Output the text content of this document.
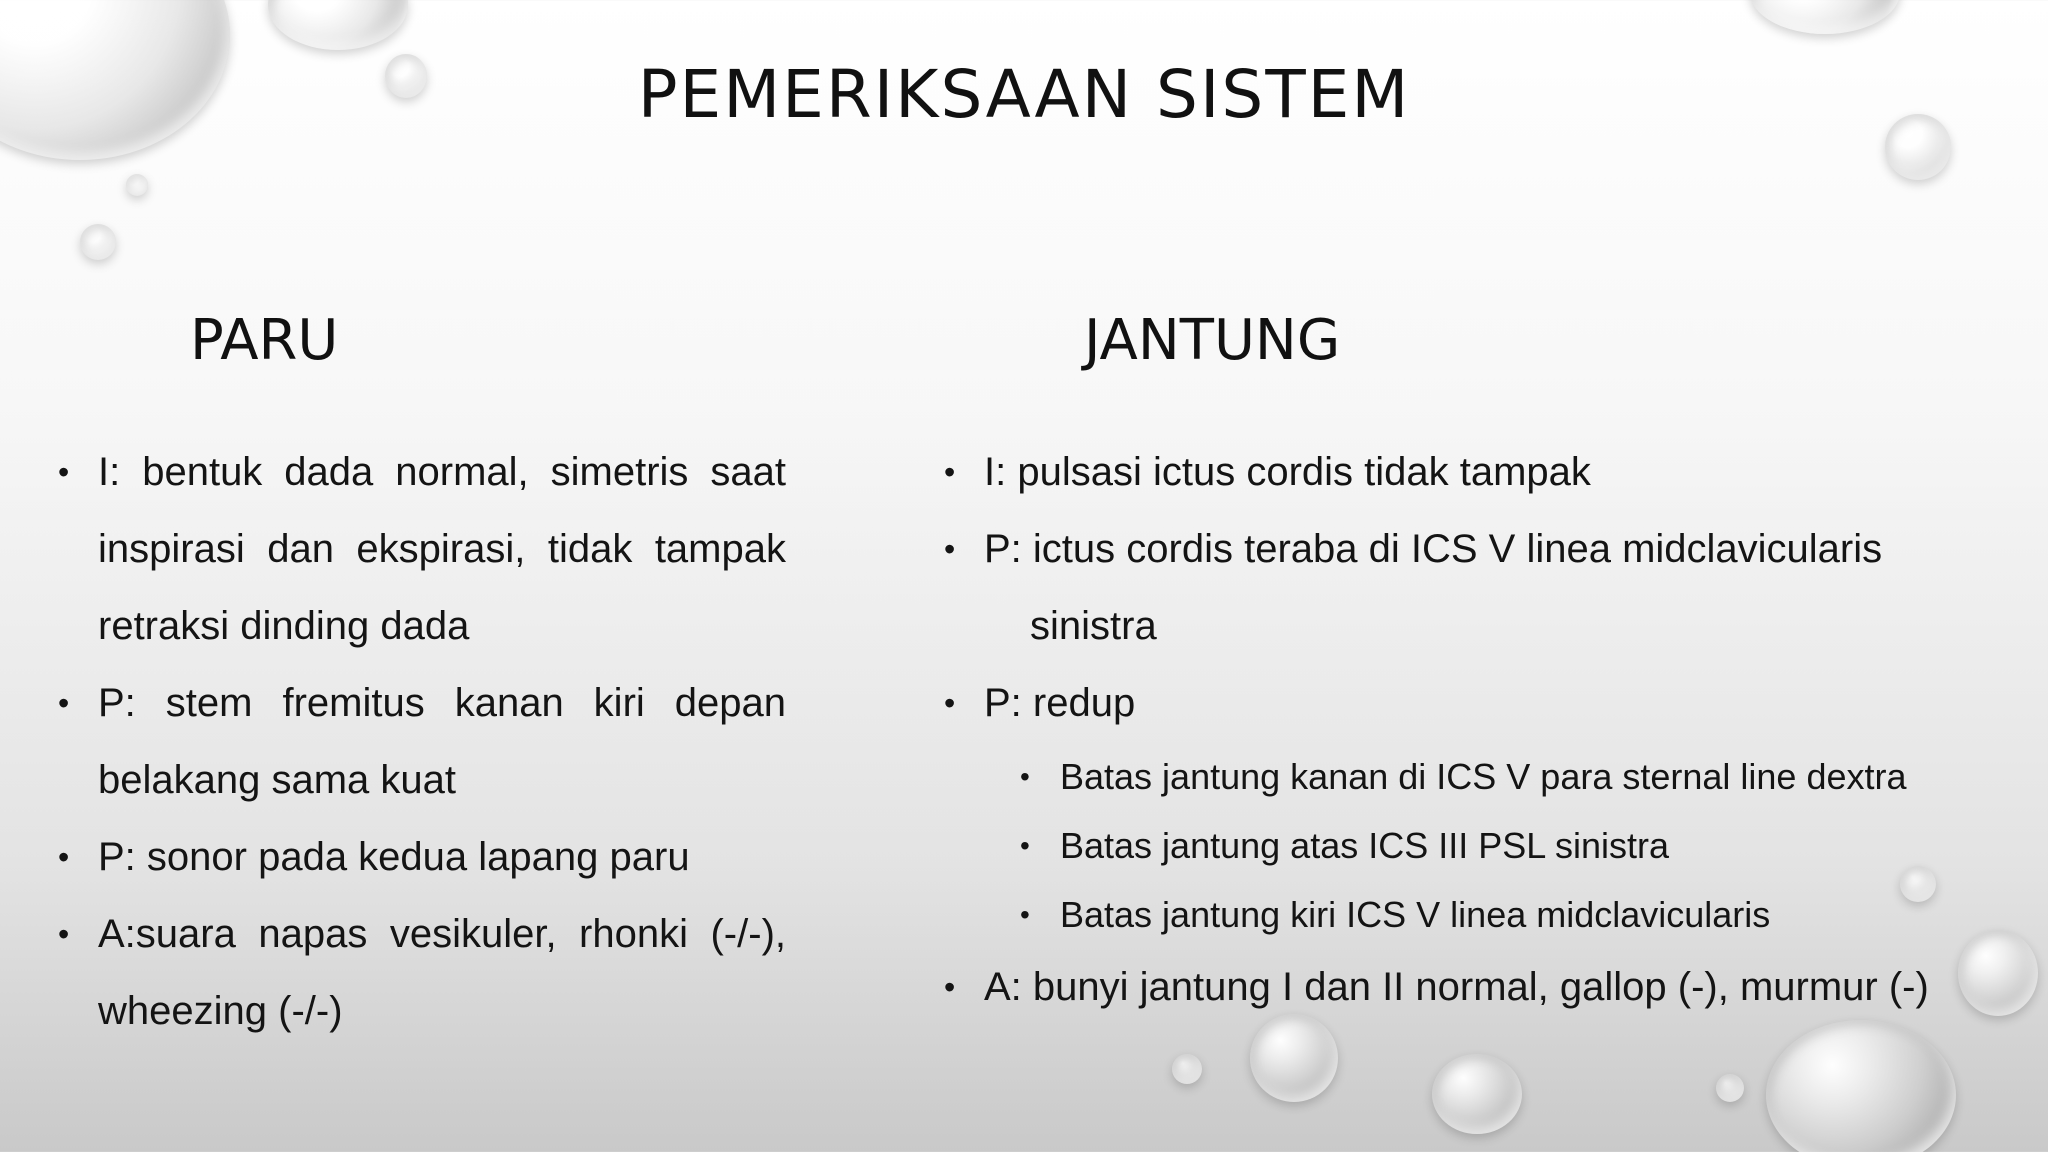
PEMERIKSAAN SISTEM
PARU
• I: bentuk dada normal, simetris saat inspirasi dan ekspirasi, tidak tampak retraksi dinding dada
• P: stem fremitus kanan kiri depan belakang sama kuat
• P: sonor pada kedua lapang paru
• A:suara napas vesikuler, rhonki (-/-), wheezing (-/-)
JANTUNG
• I: pulsasi ictus cordis tidak tampak
• P: ictus cordis teraba di ICS V linea midclavicularis
sinistra
• P: redup
• Batas jantung kanan di ICS V para sternal line dextra
• Batas jantung atas ICS III PSL sinistra
• Batas jantung kiri ICS V linea midclavicularis
• A: bunyi jantung I dan II normal, gallop (-), murmur (-)
